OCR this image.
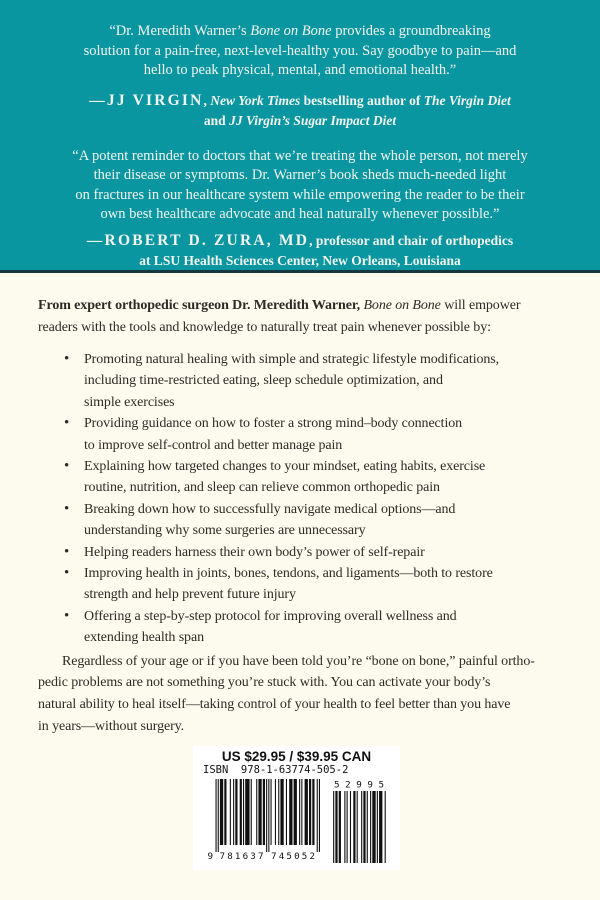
“Dr. Meredith Warner’s Bone on Bone provides a groundbreaking
solution for a pain-free, next-level-healthy you. Say goodbye to pain—and
hello to peak physical, mental, and emotional health.”
—JJ VIRGIN, New York Times bestselling author of The Virgin Diet
and JJ Virgin’s Sugar Impact Diet
“A potent reminder to doctors that we’re treating the whole person, not merely
their disease or symptoms. Dr. Warner’s book sheds much-needed light
on fractures in our healthcare system while empowering the reader to be their
own best healthcare advocate and heal naturally whenever possible.”
—ROBERT D. ZURA, MD, professor and chair of orthopedics
at LSU Health Sciences Center, New Orleans, Louisiana
From expert orthopedic surgeon Dr. Meredith Warner, Bone on Bone will empower
readers with the tools and knowledge to naturally treat pain whenever possible by:
•
Promoting natural healing with simple and strategic lifestyle modifications,
including time-restricted eating, sleep schedule optimization, and
simple exercises
•
Providing guidance on how to foster a strong mind–body connection
to improve self-control and better manage pain
•
Explaining how targeted changes to your mindset, eating habits, exercise
routine, nutrition, and sleep can relieve common orthopedic pain
•
Breaking down how to successfully navigate medical options—and
understanding why some surgeries are unnecessary
•
Helping readers harness their own body’s power of self-repair
•
Improving health in joints, bones, tendons, and ligaments—both to restore
strength and help prevent future injury
•
Offering a step-by-step protocol for improving overall wellness and
extending health span
Regardless of your age or if you have been told you’re “bone on bone,” painful ortho-
pedic problems are not something you’re stuck with. You can activate your body’s
natural ability to heal itself—taking control of your health to feel better than you have
in years—without surgery.
US $29.95 / $39.95 CAN
ISBN  978-1-63774-505-2
9 781637 745052
52995
